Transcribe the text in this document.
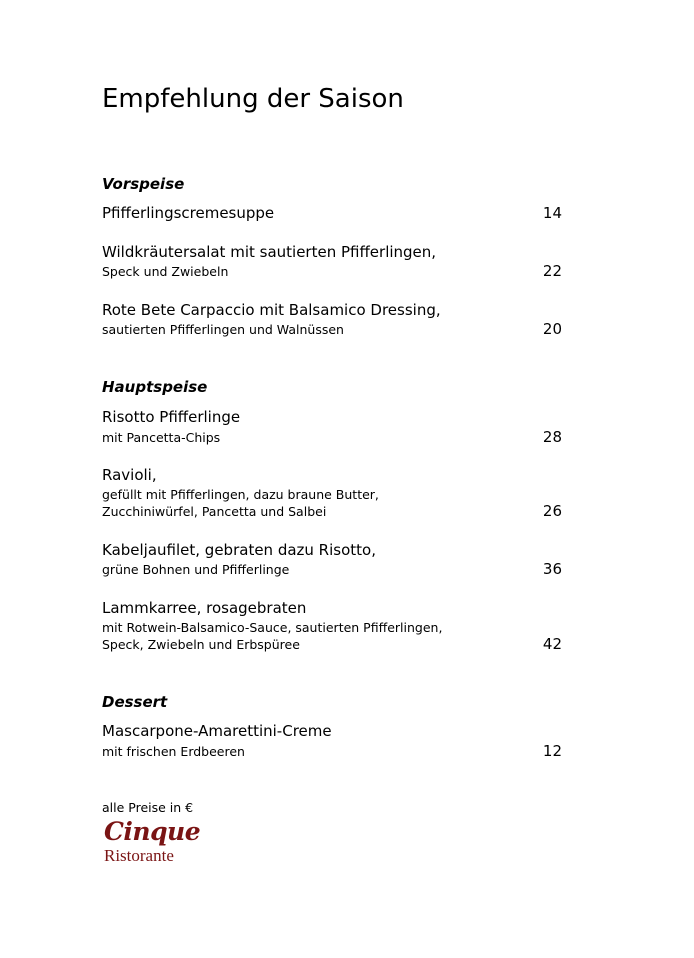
Empfehlung der Saison
Vorspeise
Pfifferlingscremesuppe	14
Wildkräutersalat mit sautierten Pfifferlingen,
Speck und Zwiebeln	22
Rote Bete Carpaccio mit Balsamico Dressing,
sautierten Pfifferlingen und Walnüssen	20
Hauptspeise
Risotto Pfifferlinge
mit Pancetta-Chips	28
Ravioli,
gefüllt mit Pfifferlingen, dazu braune Butter,
Zucchiniwürfel, Pancetta und Salbei	26
Kabeljaufilet, gebraten dazu Risotto,
grüne Bohnen und Pfifferlinge	36
Lammkarree, rosagebraten
mit Rotwein-Balsamico-Sauce, sautierten Pfifferlingen,
Speck, Zwiebeln und Erbspüree	42
Dessert
Mascarpone-Amarettini-Creme
mit frischen Erdbeeren	12
alle Preise in €
Cinque
Ristorante
